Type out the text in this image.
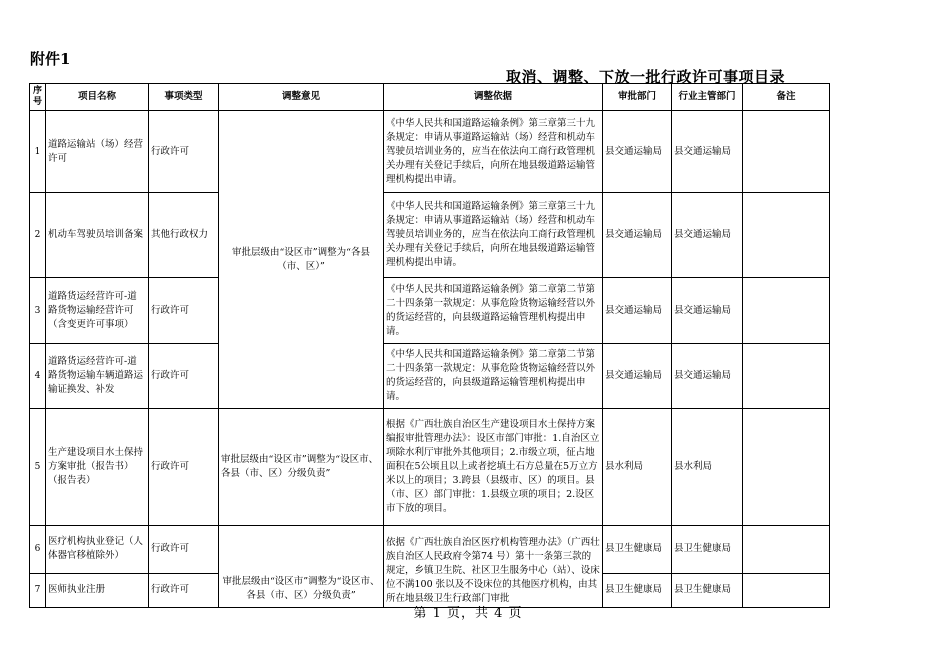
附件1
取消、调整、下放一批行政许可事项目录
序号	项目名称	事项类型	调整意见	调整依据	审批部门	行业主管部门	备注
1	道路运输站（场）经营许可	行政许可	审批层级由“设区市”调整为“各县（市、区）”	《中华人民共和国道路运输条例》第三章第三十九条规定：申请从事道路运输站（场）经营和机动车驾驶员培训业务的，应当在依法向工商行政管理机关办理有关登记手续后，向所在地县级道路运输管理机构提出申请。	县交通运输局	县交通运输局	
2	机动车驾驶员培训备案	其他行政权力		《中华人民共和国道路运输条例》第三章第三十九条规定：申请从事道路运输站（场）经营和机动车驾驶员培训业务的，应当在依法向工商行政管理机关办理有关登记手续后，向所在地县级道路运输管理机构提出申请。	县交通运输局	县交通运输局	
3	道路货运经营许可-道路货物运输经营许可（含变更许可事项）	行政许可		《中华人民共和国道路运输条例》第二章第二节第二十四条第一款规定：从事危险货物运输经营以外的货运经营的，向县级道路运输管理机构提出申请。	县交通运输局	县交通运输局	
4	道路货运经营许可-道路货物运输车辆道路运输证换发、补发	行政许可		《中华人民共和国道路运输条例》第二章第二节第二十四条第一款规定：从事危险货物运输经营以外的货运经营的，向县级道路运输管理机构提出申请。	县交通运输局	县交通运输局	
5	生产建设项目水土保持方案审批（报告书）（报告表）	行政许可	审批层级由“设区市”调整为“设区市、各县（市、区）分级负责”	根据《广西壮族自治区生产建设项目水土保持方案编报审批管理办法》：设区市部门审批：1.自治区立项除水利厅审批外其他项目；2.市级立项，征占地面积在5公顷且以上或者挖填土石方总量在5万立方米以上的项目；3.跨县（县级市、区）的项目。县（市、区）部门审批：1.县级立项的项目；2.设区市下放的项目。	县水利局	县水利局	
6	医疗机构执业登记（人体器官移植除外）	行政许可	审批层级由“设区市”调整为“设区市、各县（市、区）分级负责”	依据《广西壮族自治区医疗机构管理办法》（广西壮族自治区人民政府令第74 号）第十一条第三款的规定，乡镇卫生院、社区卫生服务中心（站）、设床位不满100 张以及不设床位的其他医疗机构，由其所在地县级卫生行政部门审批	县卫生健康局	县卫生健康局	
7	医师执业注册	行政许可			县卫生健康局	县卫生健康局	
第 1 页，共 4 页
